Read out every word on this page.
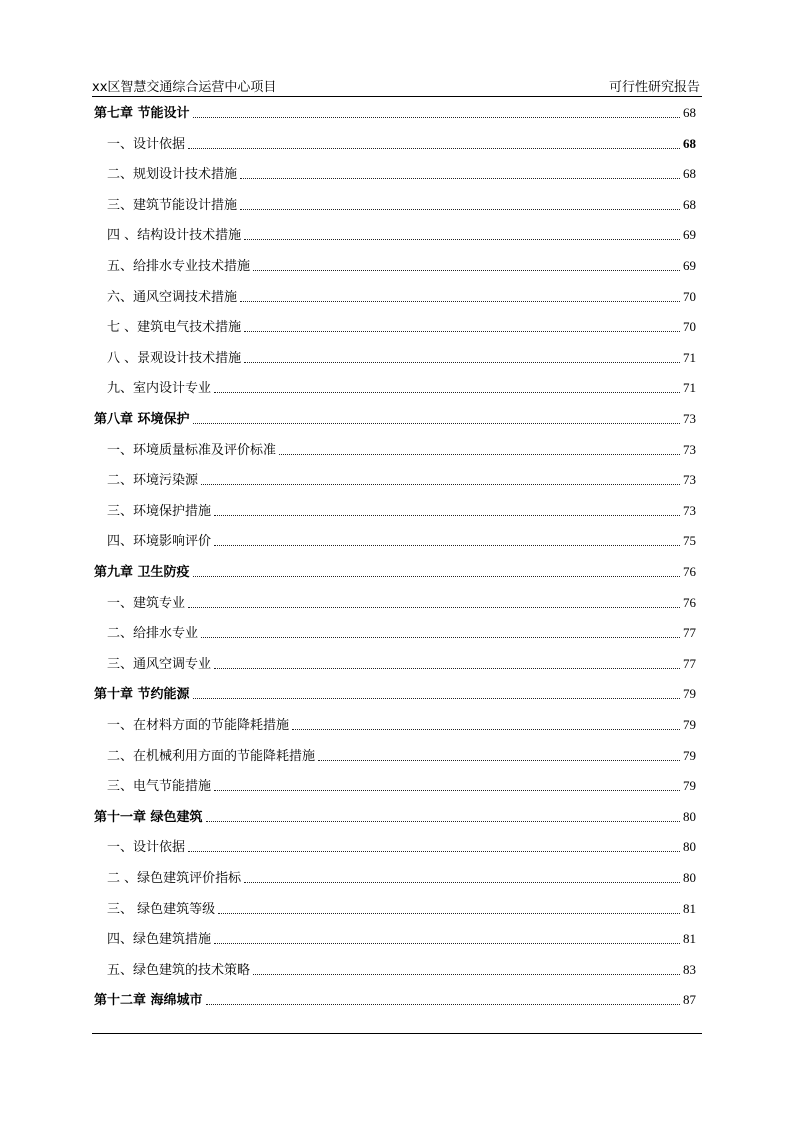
xx区智慧交通综合运营中心项目	可行性研究报告
第七章 节能设计	68
一、设计依据	68
二、规划设计技术措施	68
三、建筑节能设计措施	68
四 、结构设计技术措施	69
五、给排水专业技术措施	69
六、通风空调技术措施	70
七 、建筑电气技术措施	70
八 、景观设计技术措施	71
九、室内设计专业	71
第八章 环境保护	73
一、环境质量标准及评价标准	73
二、环境污染源	73
三、环境保护措施	73
四、环境影响评价	75
第九章 卫生防疫	76
一、建筑专业	76
二、给排水专业	77
三、通风空调专业	77
第十章 节约能源	79
一、在材料方面的节能降耗措施	79
二、在机械利用方面的节能降耗措施	79
三、电气节能措施	79
第十一章 绿色建筑	80
一、设计依据	80
二 、绿色建筑评价指标	80
三、 绿色建筑等级	81
四、绿色建筑措施	81
五、绿色建筑的技术策略	83
第十二章 海绵城市	87
